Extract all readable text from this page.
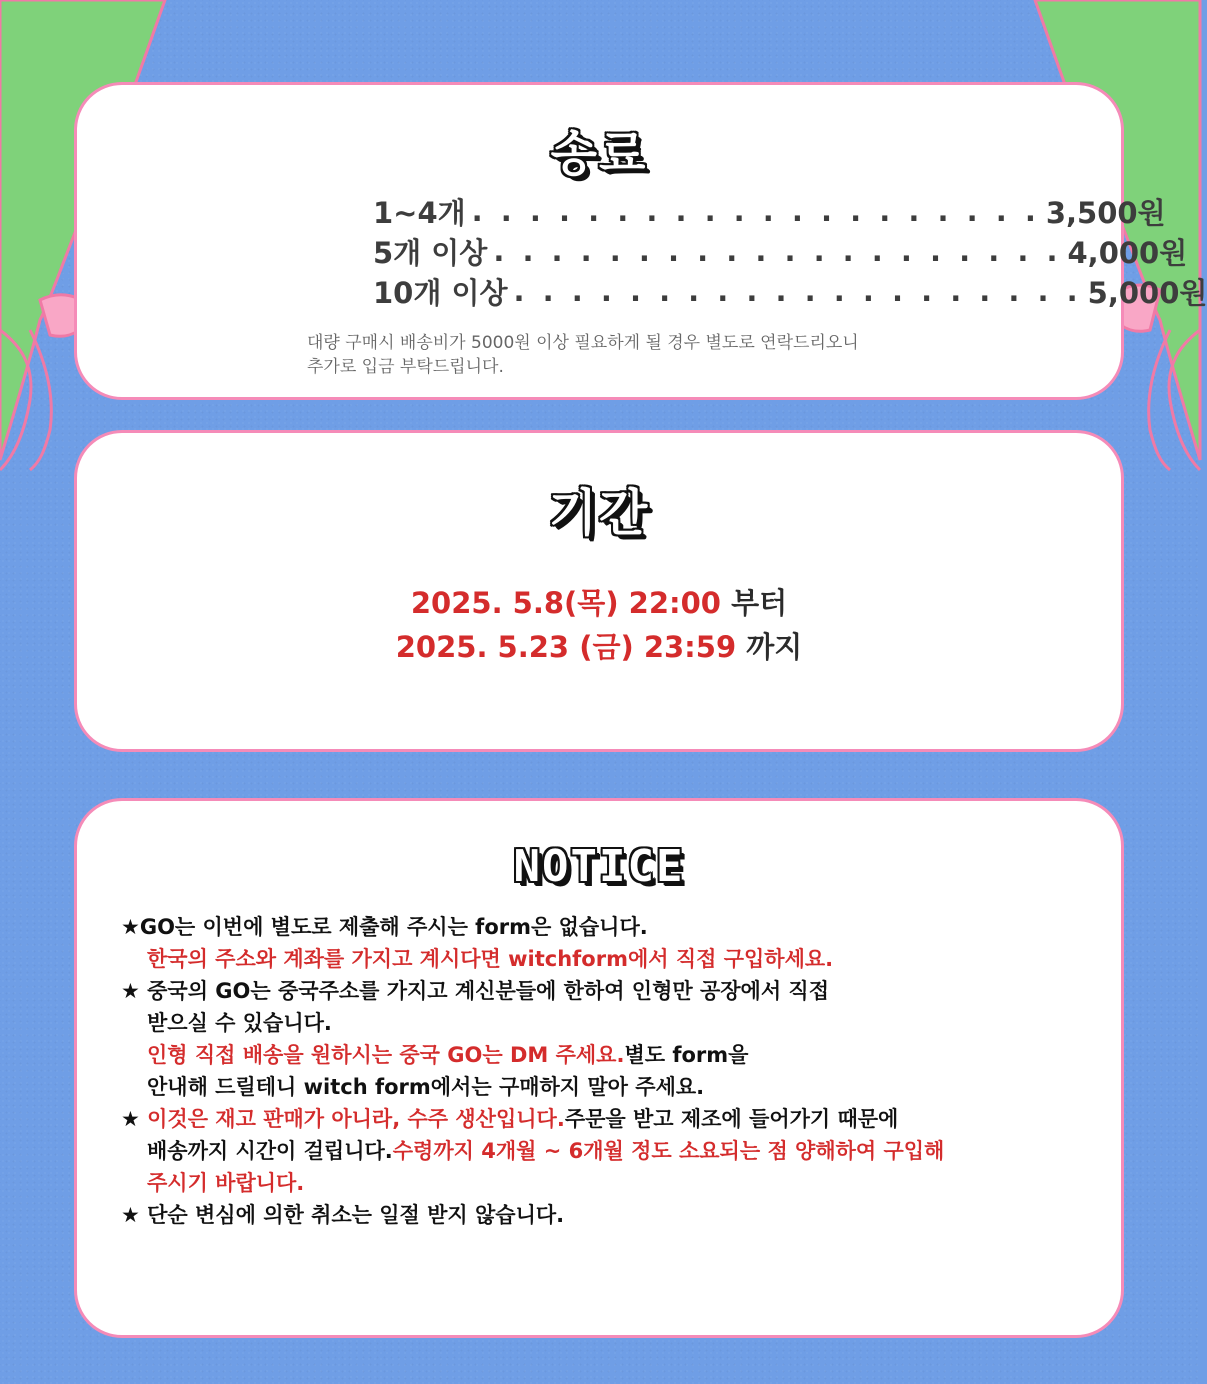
송료
1~4개 . . . . . . . . . . . . . . . . . . . . 3,500원
5개 이상 . . . . . . . . . . . . . . . . . . . . 4,000원
10개 이상 . . . . . . . . . . . . . . . . . . . . 5,000원
대량 구매시 배송비가 5000원 이상 필요하게 될 경우 별도로 연락드리오니
추가로 입금 부탁드립니다.
기간
2025. 5.8(목) 22:00 부터
2025. 5.23 (금) 23:59 까지
NOTICE
★GO는 이번에 별도로 제출해 주시는 form은 없습니다.
한국의 주소와 계좌를 가지고 계시다면 witchform에서 직접 구입하세요.
★ 중국의 GO는 중국주소를 가지고 계신분들에 한하여 인형만 공장에서 직접
받으실 수 있습니다.
인형 직접 배송을 원하시는 중국 GO는 DM 주세요.별도 form을
안내해 드릴테니 witch form에서는 구매하지 말아 주세요.
★ 이것은 재고 판매가 아니라, 수주 생산입니다.주문을 받고 제조에 들어가기 때문에
배송까지 시간이 걸립니다.수령까지 4개월 ~ 6개월 정도 소요되는 점 양해하여 구입해
주시기 바랍니다.
★ 단순 변심에 의한 취소는 일절 받지 않습니다.
